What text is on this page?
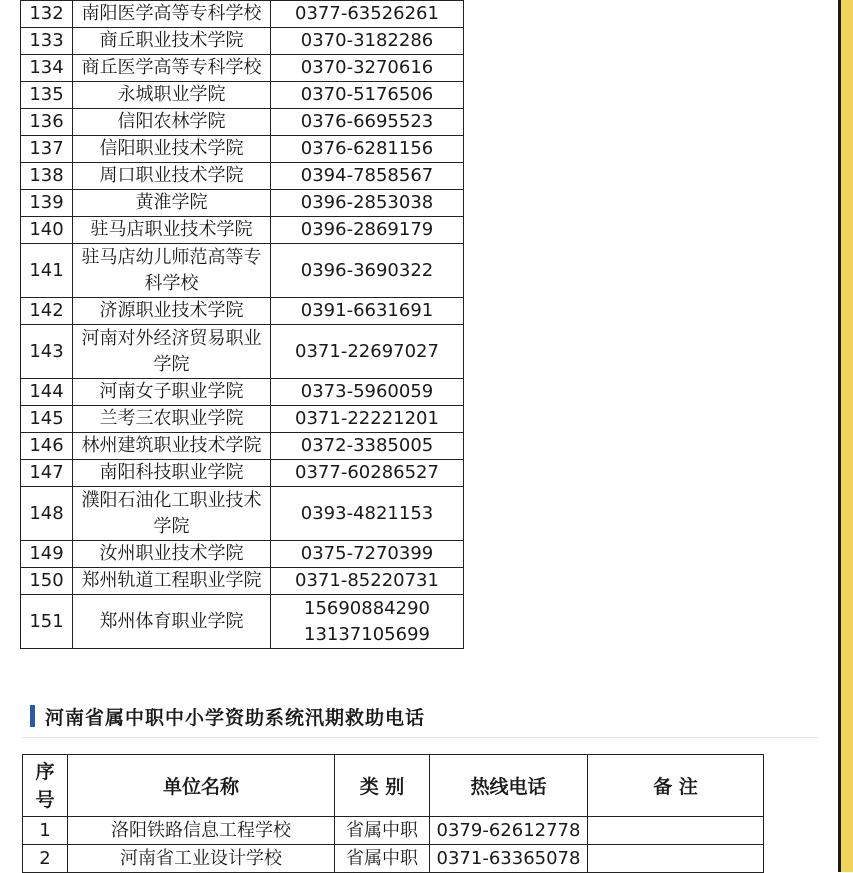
132	南阳医学高等专科学校	0377-63526261

133	商丘职业技术学院	0370-3182286

134	商丘医学高等专科学校	0370-3270616

135	永城职业学院	0370-5176506

136	信阳农林学院	0376-6695523

137	信阳职业技术学院	0376-6281156

138	周口职业技术学院	0394-7858567

139	黄淮学院	0396-2853038

140	驻马店职业技术学院	0396-2869179

141	驻马店幼儿师范高等专科学校	0396-3690322

142	济源职业技术学院	0391-6631691

143	河南对外经济贸易职业学院	0371-22697027

144	河南女子职业学院	0373-5960059

145	兰考三农职业学院	0371-22221201

146	林州建筑职业技术学院	0372-3385005

147	南阳科技职业学院	0377-60286527

148	濮阳石油化工职业技术学院	0393-4821153

149	汝州职业技术学院	0375-7270399

150	郑州轨道工程职业学院	0371-85220731

151	郑州体育职业学院	15690884290
13137105699
河南省属中职中小学资助系统汛期救助电话
序
号	单位名称	类 别	热线电话	备 注
1	洛阳铁路信息工程学校	省属中职	0379-62612778	
2	河南省工业设计学校	省属中职	0371-63365078	
